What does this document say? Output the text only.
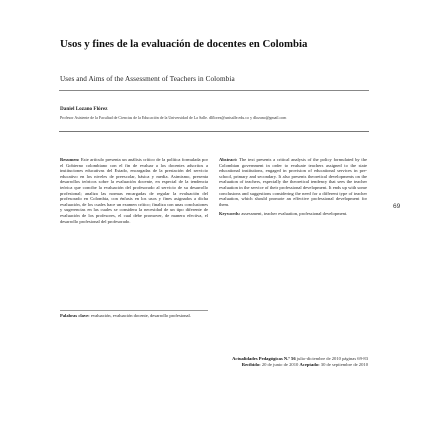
Usos y fines de la evaluación de docentes en Colombia
Uses and Aims of the Assessment of Teachers in Colombia
Daniel Lozano Flórez
Profesor Asistente de la Facultad de Ciencias de la Educación de la Universidad de La Salle. dlflorez@unisalle.edu.co y dlozano@gmail.com
Resumen: Este artículo presenta un análisis crítico de la política formulada por el Gobierno colombiano con el fin de evaluar a los docentes adscritos a instituciones educativas del Estado, encargadas de la prestación del servicio educativo en los niveles de preescolar, básica y media. Asimismo, presenta desarrollos teóricos sobre la evaluación docente, en especial de la tendencia teórica que concibe la evaluación del profesorado al servicio de su desarrollo profesional; analiza las normas encargadas de regular la evaluación del profesorado en Colombia, con énfasis en los usos y fines asignados a dicha evaluación, de los cuales hace un examen crítico; finaliza con unas conclusiones y sugerencias en las cuales se considera la necesidad de un tipo diferente de evaluación de los profesores, el cual debe promover, de manera efectiva, el desarrollo profesional del profesorado.
Palabras clave: evaluación, evaluación docente, desarrollo profesional.
Abstract: The text presents a critical analysis of the policy formulated by the Colombian government in order to evaluate teachers assigned to the state educational institutions, engaged in provision of educational services in pre-school, primary and secondary. It also presents theoretical developments on the evaluation of teachers, especially the theoretical tendency that sees the teacher evaluation in the service of their professional development. It ends up with some conclusions and suggestions considering the need for a different type of teacher evaluation, which should promote an effective professional development for them.
Keywords: assessment, teacher evaluation, professional development.
69
Actualidades Pedagógicas N.º 56 julio-diciembre de 2010 páginas 69-83
Recibido: 20 de junio de 2010 Aceptado: 30 de septiembre de 2010
